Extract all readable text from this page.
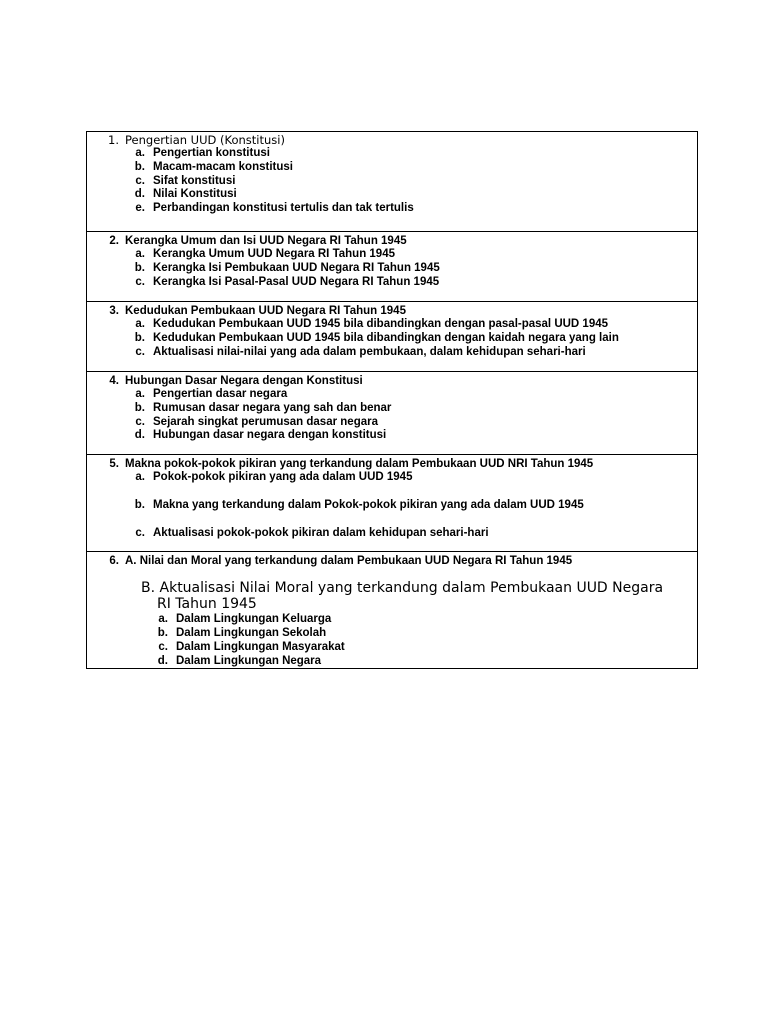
1. Pengertian UUD (Konstitusi)
a. Pengertian konstitusi
b. Macam-macam konstitusi
c. Sifat konstitusi
d. Nilai Konstitusi
e. Perbandingan konstitusi tertulis dan tak tertulis

2. Kerangka Umum dan Isi UUD Negara RI Tahun 1945
a. Kerangka Umum UUD Negara RI Tahun 1945
b. Kerangka Isi Pembukaan UUD Negara RI Tahun 1945
c. Kerangka Isi Pasal-Pasal UUD Negara RI Tahun 1945

3. Kedudukan Pembukaan UUD Negara RI Tahun 1945
a. Kedudukan Pembukaan UUD 1945 bila dibandingkan dengan pasal-pasal UUD 1945
b. Kedudukan Pembukaan UUD 1945 bila dibandingkan dengan kaidah negara yang lain
c. Aktualisasi nilai-nilai yang ada dalam pembukaan, dalam kehidupan sehari-hari

4. Hubungan Dasar Negara dengan Konstitusi
a. Pengertian dasar negara
b. Rumusan dasar negara yang sah dan benar
c. Sejarah singkat perumusan dasar negara
d. Hubungan dasar negara dengan konstitusi

5. Makna pokok-pokok pikiran yang terkandung dalam Pembukaan UUD NRI Tahun 1945
a. Pokok-pokok pikiran yang ada dalam UUD 1945
b. Makna yang terkandung dalam Pokok-pokok pikiran yang ada dalam UUD 1945
c. Aktualisasi pokok-pokok pikiran dalam kehidupan sehari-hari

6. A. Nilai dan Moral yang terkandung dalam Pembukaan UUD Negara RI Tahun 1945
B. Aktualisasi Nilai Moral yang terkandung dalam Pembukaan UUD Negara
RI Tahun 1945
a. Dalam Lingkungan Keluarga
b. Dalam Lingkungan Sekolah
c. Dalam Lingkungan Masyarakat
d. Dalam Lingkungan Negara
